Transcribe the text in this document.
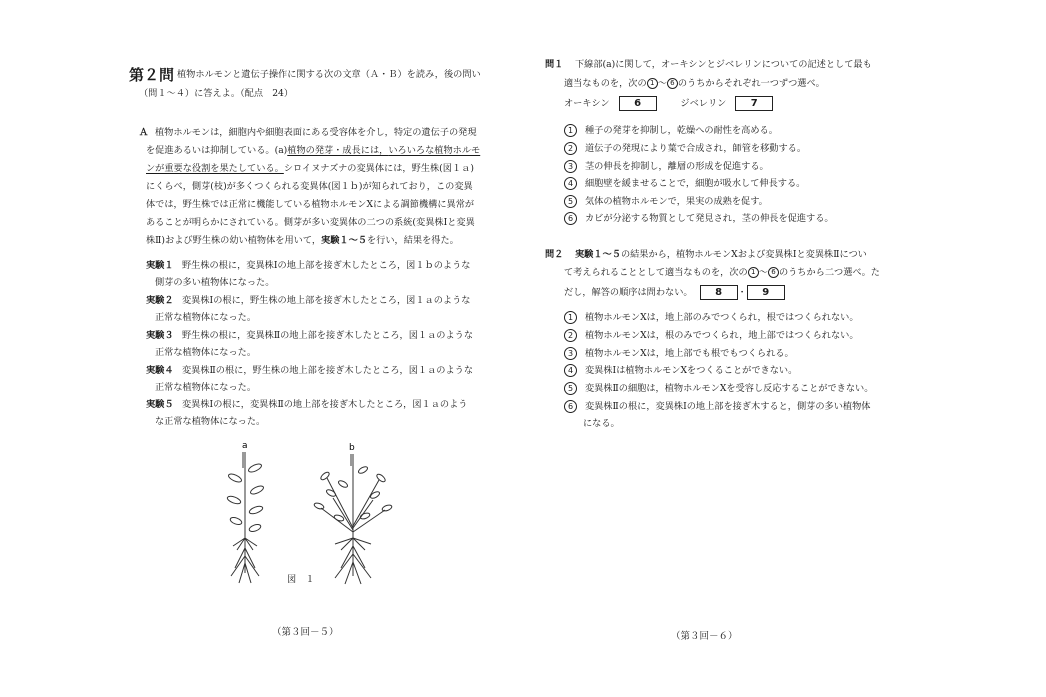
第２問 植物ホルモンと遺伝子操作に関する次の文章（Ａ・Ｂ）を読み，後の問い
（問１～４）に答えよ。（配点　24）
Ａ 植物ホルモンは，細胞内や細胞表面にある受容体を介し，特定の遺伝子の発現
を促進あるいは抑制している。(a)植物の発芽・成長には，いろいろな植物ホルモ
ンが重要な役割を果たしている。シロイヌナズナの変異体には，野生株(図１ａ)
にくらべ，側芽(枝)が多くつくられる変異体(図１ｂ)が知られており，この変異
体では，野生株では正常に機能している植物ホルモンXによる調節機構に異常が
あることが明らかにされている。側芽が多い変異体の二つの系統(変異株Ⅰと変異
株Ⅱ)および野生株の幼い植物体を用いて，実験１～５を行い，結果を得た。
実験１ 野生株の根に，変異株Ⅰの地上部を接ぎ木したところ，図１ｂのような
側芽の多い植物体になった。
実験２ 変異株Ⅰの根に，野生株の地上部を接ぎ木したところ，図１ａのような
正常な植物体になった。
実験３ 野生株の根に，変異株Ⅱの地上部を接ぎ木したところ，図１ａのような
正常な植物体になった。
実験４ 変異株Ⅱの根に，野生株の地上部を接ぎ木したところ，図１ａのような
正常な植物体になった。
実験５ 変異株Ⅰの根に，変異株Ⅱの地上部を接ぎ木したところ，図１ａのよう
な正常な植物体になった。
a	b
図　１
（第３回－５）
問１ 下線部(a)に関して，オーキシンとジベレリンについての記述として最も
適当なものを，次の 1 ～ 6 のうちからそれぞれ一つずつ選べ。
オーキシン 6	ジベレリン 7
1 種子の発芽を抑制し，乾燥への耐性を高める。
2 道伝子の発現により葉で合成され，師管を移動する。
3 茎の伸長を抑制し，離層の形成を促進する。
4 細胞壁を緩ませることで，細胞が吸水して伸長する。
5 気体の植物ホルモンで，果実の成熟を促す。
6 カビが分泌する物質として発見され，茎の伸長を促進する。
問２ 実験１～５の結果から，植物ホルモンXおよび変異株Ⅰと変異株Ⅱについ
て考えられることとして適当なものを，次の 1 ～ 6 のうちから二つ選べ。た
だし，解答の順序は問わない。 8 ・ 9
1 植物ホルモンXは，地上部のみでつくられ，根ではつくられない。
2 植物ホルモンXは，根のみでつくられ，地上部ではつくられない。
3 植物ホルモンXは，地上部でも根でもつくられる。
4 変異株Ⅰは植物ホルモンXをつくることができない。
5 変異株Ⅱの細胞は，植物ホルモンXを受容し反応することができない。
6 変異株Ⅱの根に，変異株Ⅰの地上部を接ぎ木すると，側芽の多い植物体
になる。
（第３回－６）
